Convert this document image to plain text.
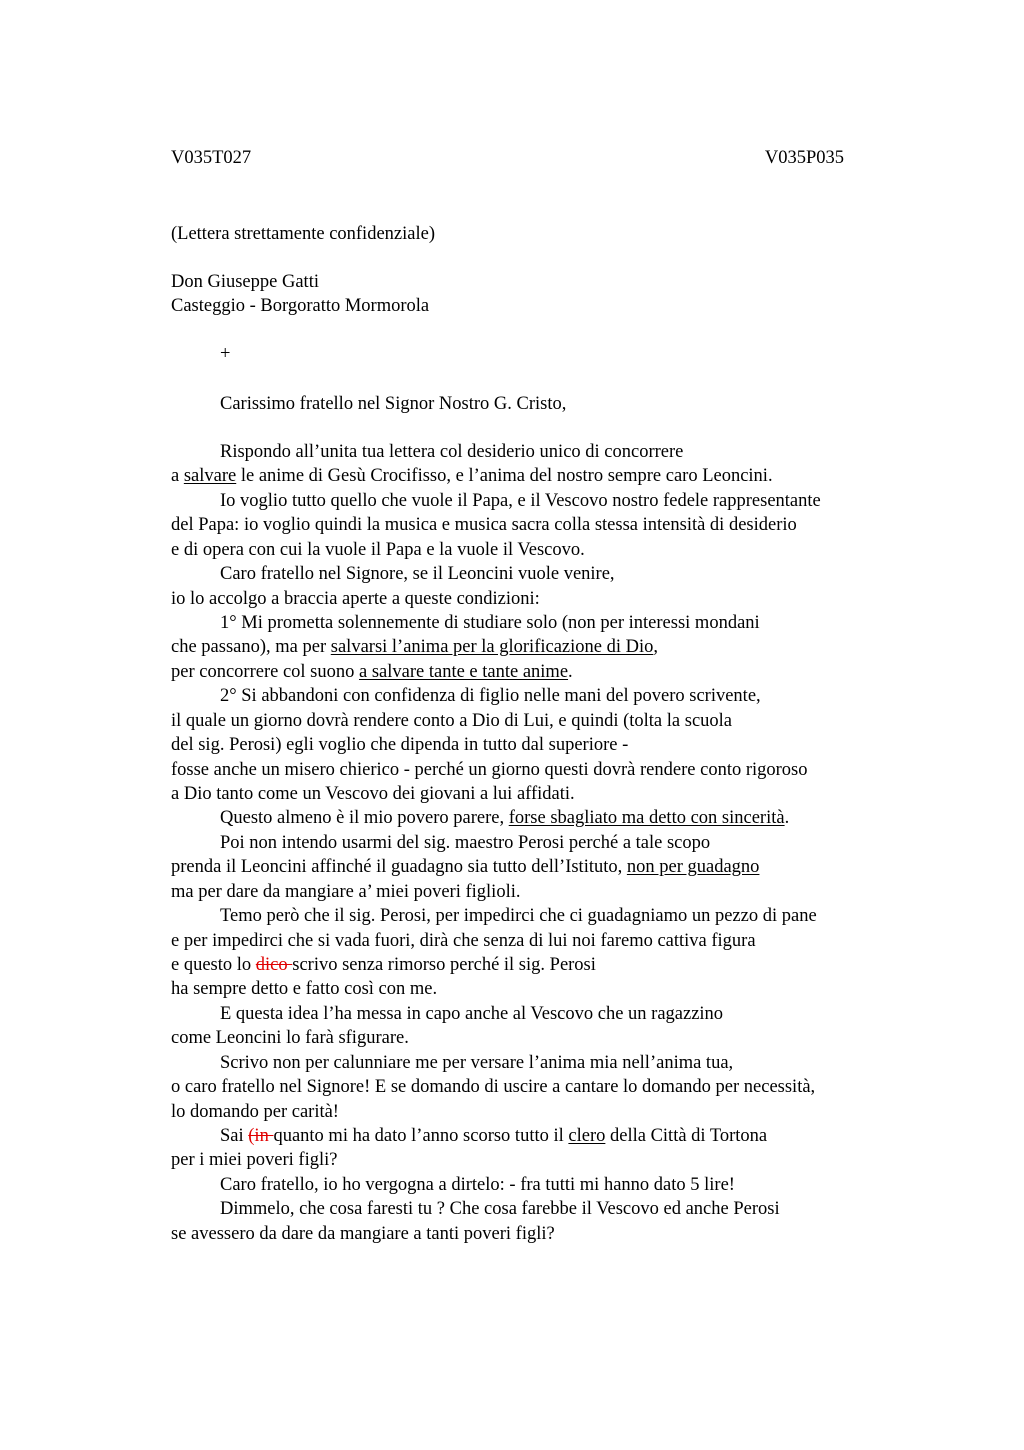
V035T027	V035P035
(Lettera strettamente confidenziale)
Don Giuseppe Gatti
Casteggio - Borgoratto Mormorola
+
Carissimo fratello nel Signor Nostro G. Cristo,
Rispondo all’unita tua lettera col desiderio unico di concorrere
a salvare le anime di Gesù Crocifisso, e l’anima del nostro sempre caro Leoncini.
Io voglio tutto quello che vuole il Papa, e il Vescovo nostro fedele rappresentante
del Papa: io voglio quindi la musica e musica sacra colla stessa intensità di desiderio
e di opera con cui la vuole il Papa e la vuole il Vescovo.
Caro fratello nel Signore, se il Leoncini vuole venire,
io lo accolgo a braccia aperte a queste condizioni:
1° Mi prometta solennemente di studiare solo (non per interessi mondani
che passano), ma per salvarsi l’anima per la glorificazione di Dio,
per concorrere col suono a salvare tante e tante anime.
2° Si abbandoni con confidenza di figlio nelle mani del povero scrivente,
il quale un giorno dovrà rendere conto a Dio di Lui, e quindi (tolta la scuola
del sig. Perosi) egli voglio che dipenda in tutto dal superiore -
fosse anche un misero chierico - perché un giorno questi dovrà rendere conto rigoroso
a Dio tanto come un Vescovo dei giovani a lui affidati.
Questo almeno è il mio povero parere, forse sbagliato ma detto con sincerità.
Poi non intendo usarmi del sig. maestro Perosi perché a tale scopo
prenda il Leoncini affinché il guadagno sia tutto dell’Istituto, non per guadagno
ma per dare da mangiare a’ miei poveri figlioli.
Temo però che il sig. Perosi, per impedirci che ci guadagniamo un pezzo di pane
e per impedirci che si vada fuori, dirà che senza di lui noi faremo cattiva figura
e questo lo dico scrivo senza rimorso perché il sig. Perosi
ha sempre detto e fatto così con me.
E questa idea l’ha messa in capo anche al Vescovo che un ragazzino
come Leoncini lo farà sfigurare.
Scrivo non per calunniare me per versare l’anima mia nell’anima tua,
o caro fratello nel Signore! E se domando di uscire a cantare lo domando per necessità,
lo domando per carità!
Sai (in quanto mi ha dato l’anno scorso tutto il clero della Città di Tortona
per i miei poveri figli?
Caro fratello, io ho vergogna a dirtelo: - fra tutti mi hanno dato 5 lire!
Dimmelo, che cosa faresti tu ? Che cosa farebbe il Vescovo ed anche Perosi
se avessero da dare da mangiare a tanti poveri figli?
